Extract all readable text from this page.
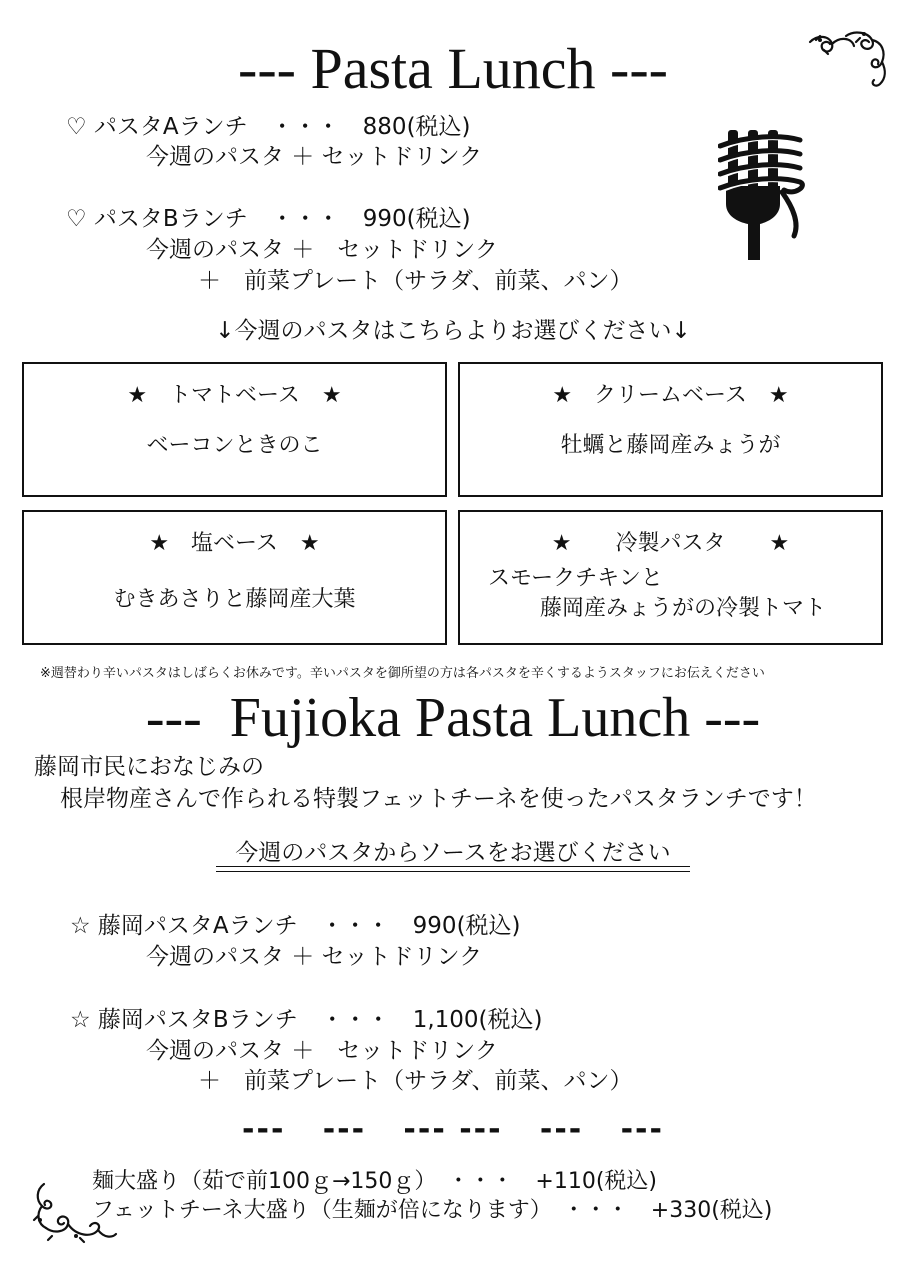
--- Pasta Lunch ---
♡ パスタAランチ　・・・　880(税込)
今週のパスタ ＋ セットドリンク
♡ パスタBランチ　・・・　990(税込)
今週のパスタ ＋　セットドリンク
＋　前菜プレート（サラダ、前菜、パン）
↓今週のパスタはこちらよりお選びください↓
★　トマトベース　★
ベーコンときのこ
★　クリームベース　★
牡蠣と藤岡産みょうが
★　塩ベース　★
むきあさりと藤岡産大葉
★　　冷製パスタ　　★
スモークチキンと
藤岡産みょうがの冷製トマト
※週替わり辛いパスタはしばらくお休みです。辛いパスタを御所望の方は各パスタを辛くするようスタッフにお伝えください
---  Fujioka Pasta Lunch ---
藤岡市民におなじみの
根岸物産さんで作られる特製フェットチーネを使ったパスタランチです！
今週のパスタからソースをお選びください
☆ 藤岡パスタAランチ　・・・　990(税込)
今週のパスタ ＋ セットドリンク
☆ 藤岡パスタBランチ　・・・　1,100(税込)
今週のパスタ ＋　セットドリンク
＋　前菜プレート（サラダ、前菜、パン）
---   ---   --- ---   ---   ---
麺大盛り（茹で前100ｇ→150ｇ）　・・・　+110(税込)
フェットチーネ大盛り（生麺が倍になります）　・・・　+330(税込)
